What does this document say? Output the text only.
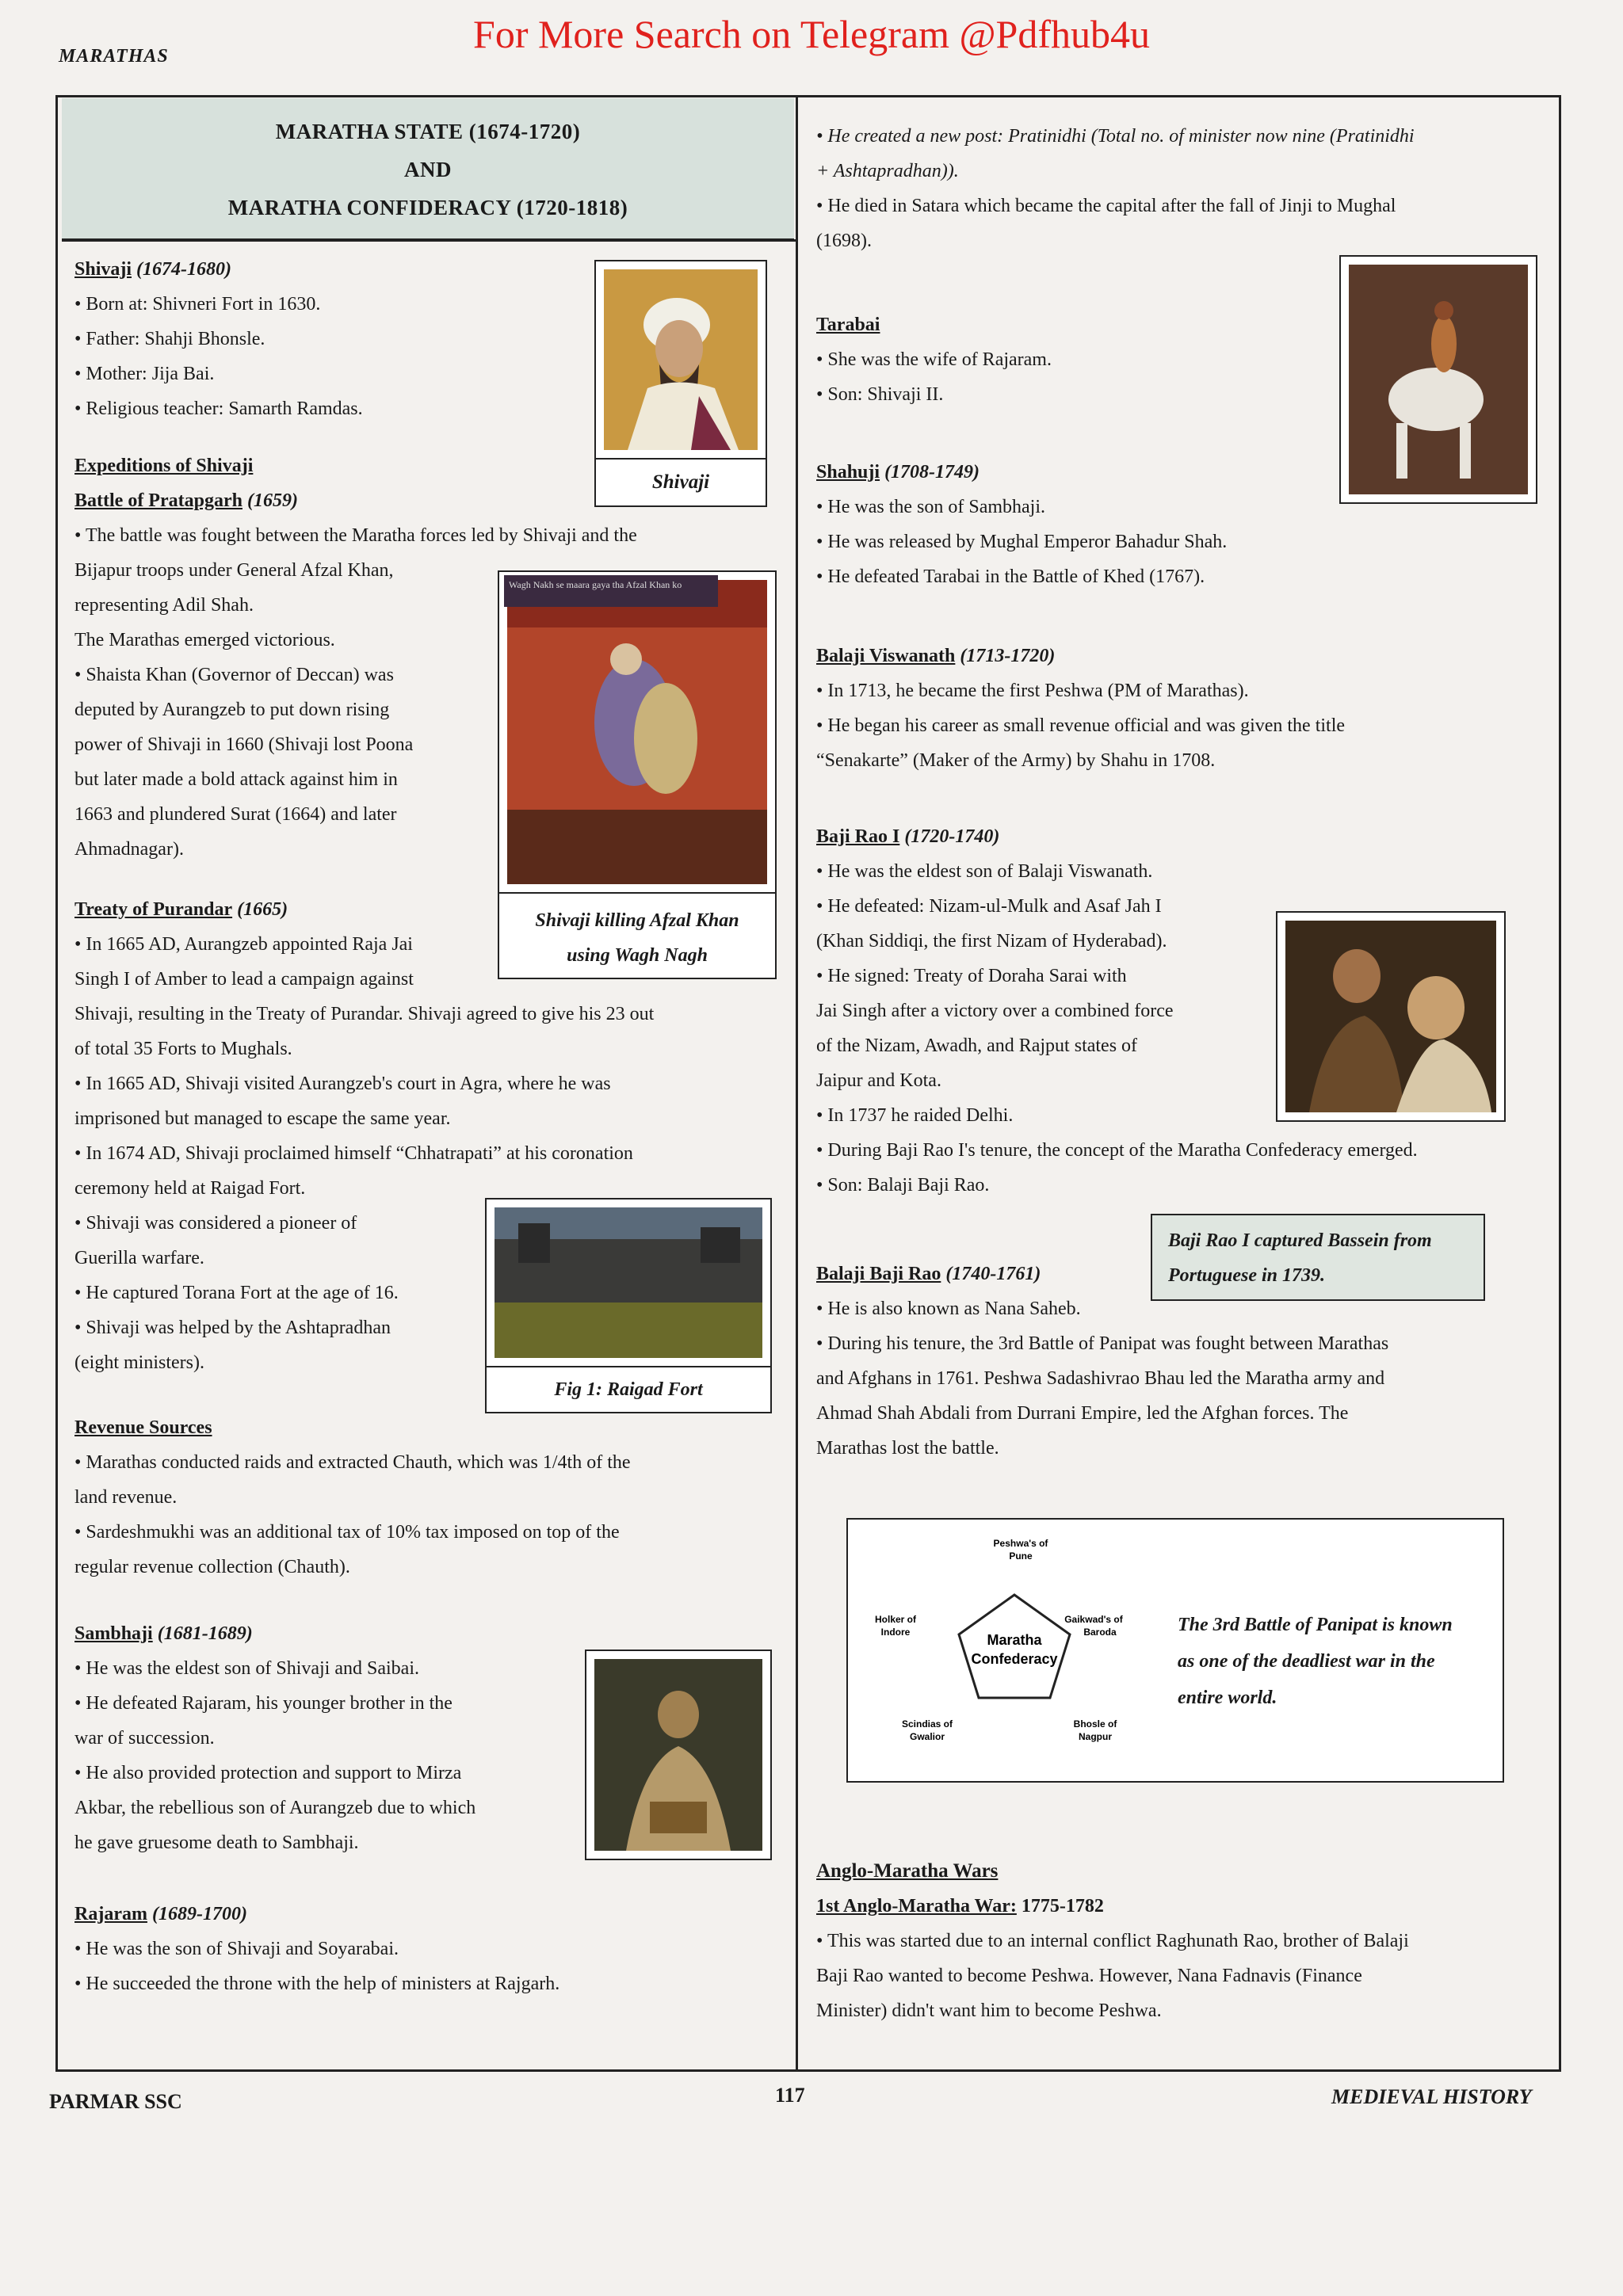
For More Search on Telegram @Pdfhub4u
MARATHAS
MARATHA STATE (1674-1720)
AND
MARATHA CONFIDERACY (1720-1818)

Shivaji (1674-1680)

• Born at: Shivneri Fort in 1630.

• Father: Shahji Bhonsle.

• Mother: Jija Bai.

• Religious teacher: Samarth Ramdas.

Shivaji

Expeditions of Shivaji

Battle of Pratapgarh (1659)

• The battle was fought between the Maratha forces led by Shivaji and the

Bijapur troops under General Afzal Khan,

representing Adil Shah.

The Marathas emerged victorious.

• Shaista Khan (Governor of Deccan) was

deputed by Aurangzeb to put down rising

power of Shivaji in 1660 (Shivaji lost Poona

but later made a bold attack against him in

1663 and plundered Surat (1664) and later

Ahmadnagar).

Wagh Nakh se maara gaya tha Afzal Khan ko
Shivaji killing Afzal Khan
using Wagh Nagh

Treaty of Purandar (1665)

• In 1665 AD, Aurangzeb appointed Raja Jai

Singh I of Amber to lead a campaign against

Shivaji, resulting in the Treaty of Purandar. Shivaji agreed to give his 23 out

of total 35 Forts to Mughals.

• In 1665 AD, Shivaji visited Aurangzeb's court in Agra, where he was

imprisoned but managed to escape the same year.

• In 1674 AD, Shivaji proclaimed himself “Chhatrapati” at his coronation

ceremony held at Raigad Fort.

• Shivaji was considered a pioneer of

Guerilla warfare.

• He captured Torana Fort at the age of 16.

• Shivaji was helped by the Ashtapradhan

(eight ministers).

Fig 1: Raigad Fort

Revenue Sources

• Marathas conducted raids and extracted Chauth, which was 1/4th of the

land revenue.

• Sardeshmukhi was an additional tax of 10% tax imposed on top of the

regular revenue collection (Chauth).

Sambhaji (1681-1689)

• He was the eldest son of Shivaji and Saibai.

• He defeated Rajaram, his younger brother in the

war of succession.

• He also provided protection and support to Mirza

Akbar, the rebellious son of Aurangzeb due to which

he gave gruesome death to Sambhaji.

Rajaram (1689-1700)

• He was the son of Shivaji and Soyarabai.

• He succeeded the throne with the help of ministers at Rajgarh.

• He created a new post: Pratinidhi (Total no. of minister now nine (Pratinidhi

+ Ashtapradhan)).

• He died in Satara which became the capital after the fall of Jinji to Mughal

(1698).

Tarabai

• She was the wife of Rajaram.

• Son: Shivaji II.

Shahuji (1708-1749)

• He was the son of Sambhaji.

• He was released by Mughal Emperor Bahadur Shah.

• He defeated Tarabai in the Battle of Khed (1767).

Balaji Viswanath (1713-1720)

• In 1713, he became the first Peshwa (PM of Marathas).

• He began his career as small revenue official and was given the title

“Senakarte” (Maker of the Army) by Shahu in 1708.

Baji Rao I (1720-1740)

• He was the eldest son of Balaji Viswanath.

• He defeated: Nizam-ul-Mulk and Asaf Jah I

(Khan Siddiqi, the first Nizam of Hyderabad).

• He signed: Treaty of Doraha Sarai with

Jai Singh after a victory over a combined force

of the Nizam, Awadh, and Rajput states of

Jaipur and Kota.

• In 1737 he raided Delhi.

• During Baji Rao I's tenure, the concept of the Maratha Confederacy emerged.

• Son: Balaji Baji Rao.

Baji Rao I captured Bassein from
Portuguese in 1739.

Balaji Baji Rao (1740-1761)

• He is also known as Nana Saheb.

• During his tenure, the 3rd Battle of Panipat was fought between Marathas

and Afghans in 1761. Peshwa Sadashivrao Bhau led the Maratha army and

Ahmad Shah Abdali from Durrani Empire, led the Afghan forces. The

Marathas lost the battle.

Maratha
Confederacy
Peshwa's of
Pune
Gaikwad's of
Baroda
Holker of
Indore
Scindias of
Gwalior
Bhosle of
Nagpur
The 3rd Battle of Panipat is known
as one of the deadliest war in the
entire world.

Anglo-Maratha Wars

1st Anglo-Maratha War: 1775-1782

• This was started due to an internal conflict Raghunath Rao, brother of Balaji

Baji Rao wanted to become Peshwa. However, Nana Fadnavis (Finance

Minister) didn't want him to become Peshwa.

PARMAR SSC	117	MEDIEVAL HISTORY
